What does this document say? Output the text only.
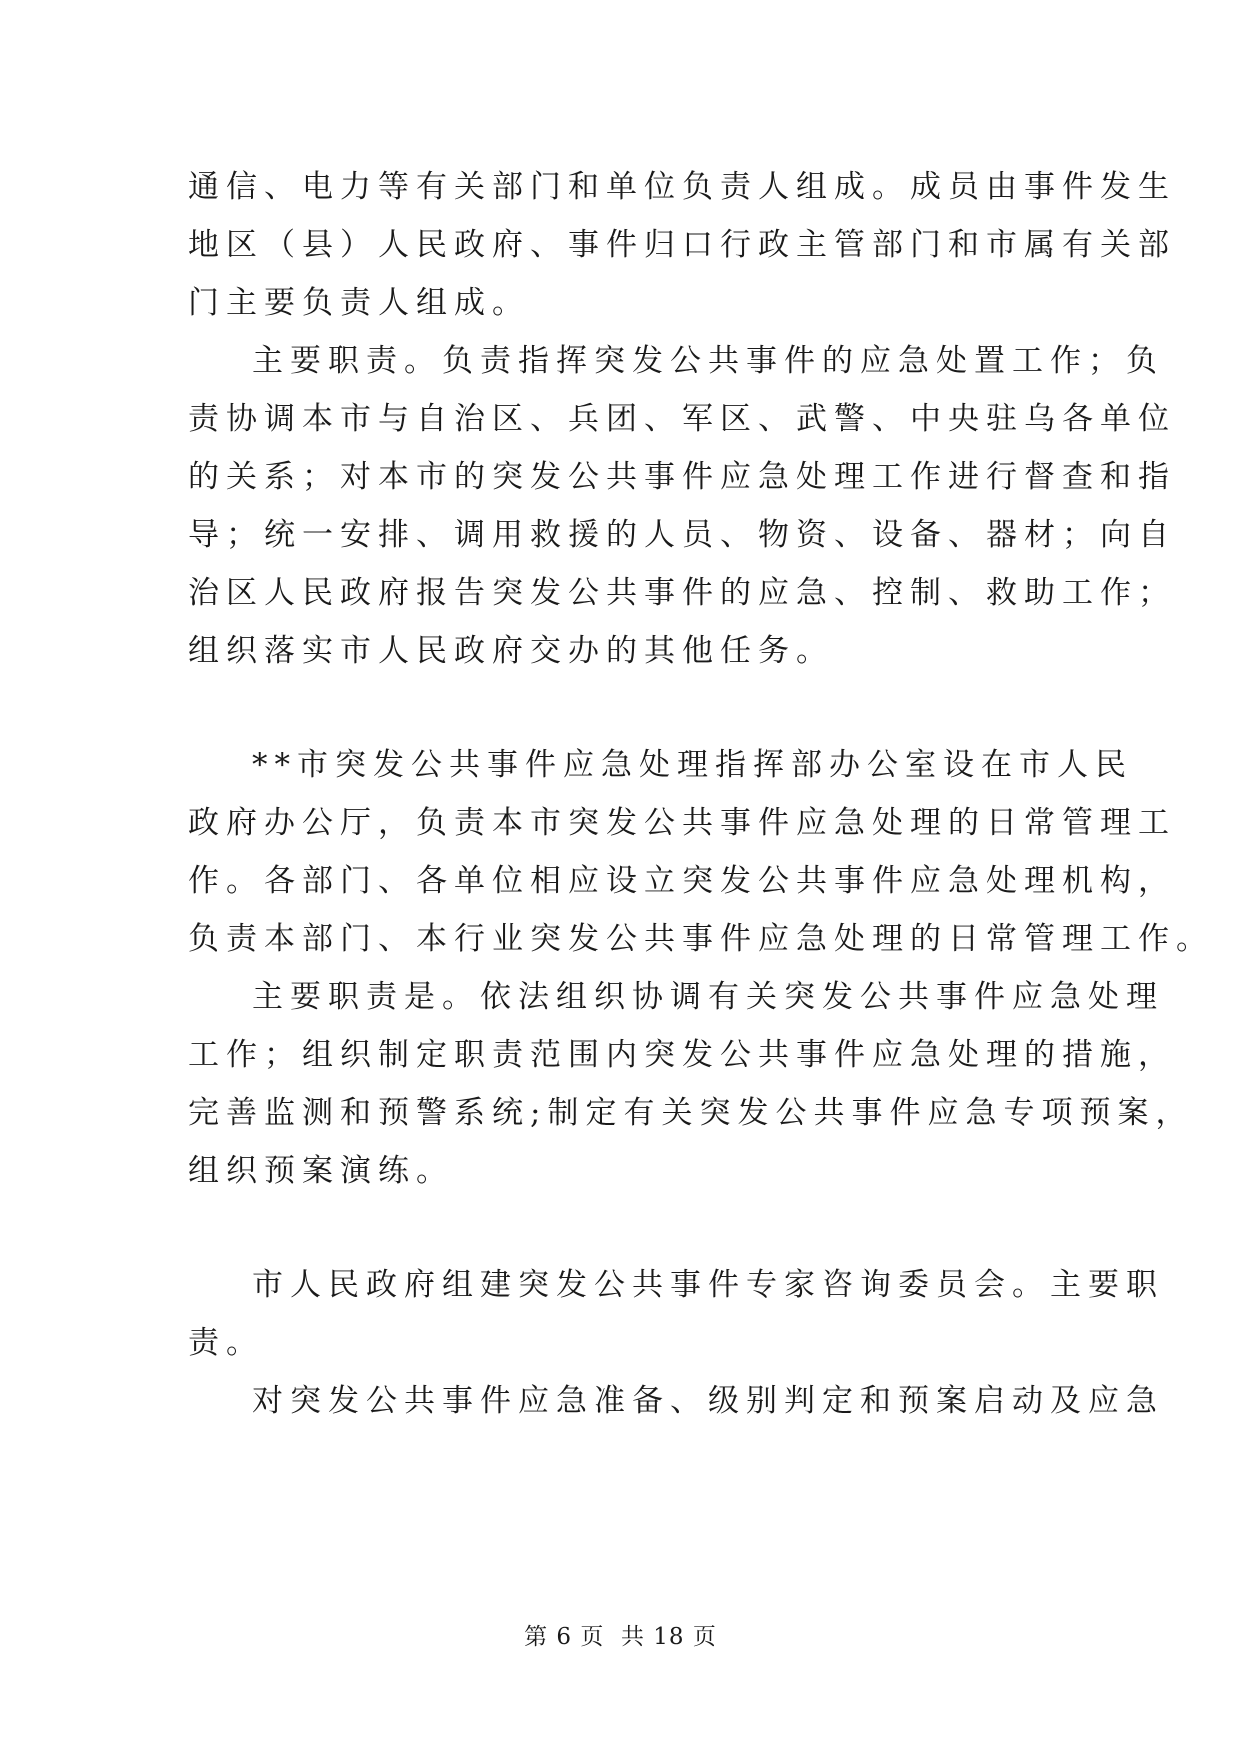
通信、电力等有关部门和单位负责人组成。成员由事件发生
地区（县）人民政府、事件归口行政主管部门和市属有关部
门主要负责人组成。
主要职责。负责指挥突发公共事件的应急处置工作；负
责协调本市与自治区、兵团、军区、武警、中央驻乌各单位
的关系；对本市的突发公共事件应急处理工作进行督查和指
导；统一安排、调用救援的人员、物资、设备、器材；向自
治区人民政府报告突发公共事件的应急、控制、救助工作；
组织落实市人民政府交办的其他任务。
**市突发公共事件应急处理指挥部办公室设在市人民
政府办公厅，负责本市突发公共事件应急处理的日常管理工
作。各部门、各单位相应设立突发公共事件应急处理机构，
负责本部门、本行业突发公共事件应急处理的日常管理工作。
主要职责是。依法组织协调有关突发公共事件应急处理
工作；组织制定职责范围内突发公共事件应急处理的措施，
完善监测和预警系统;制定有关突发公共事件应急专项预案，
组织预案演练。
市人民政府组建突发公共事件专家咨询委员会。主要职
责。
对突发公共事件应急准备、级别判定和预案启动及应急
第 6 页  共 18 页
